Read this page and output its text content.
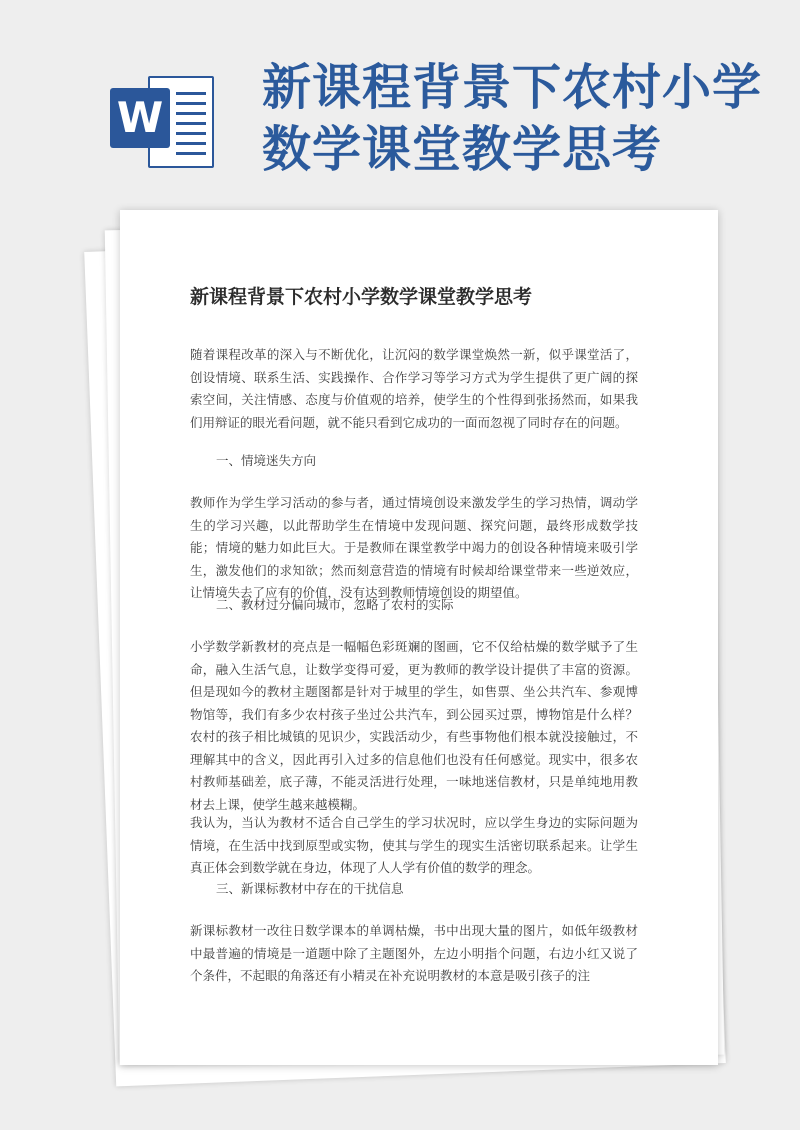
W
新课程背景下农村小学数学课堂教学思考
新课程背景下农村小学数学课堂教学思考

随着课程改革的深入与不断优化，让沉闷的数学课堂焕然一新，似乎课堂活了，创设情境、联系生活、实践操作、合作学习等学习方式为学生提供了更广阔的探索空间，关注情感、态度与价值观的培养，使学生的个性得到张扬然而，如果我们用辩证的眼光看问题，就不能只看到它成功的一面而忽视了同时存在的问题。

一、情境迷失方向

教师作为学生学习活动的参与者，通过情境创设来激发学生的学习热情，调动学生的学习兴趣，以此帮助学生在情境中发现问题、探究问题，最终形成数学技能；情境的魅力如此巨大。于是教师在课堂教学中竭力的创设各种情境来吸引学生，激发他们的求知欲；然而刻意营造的情境有时候却给课堂带来一些逆效应，让情境失去了应有的价值，没有达到教师情境创设的期望值。

二、教材过分偏向城市，忽略了农村的实际

小学数学新教材的亮点是一幅幅色彩斑斓的图画，它不仅给枯燥的数学赋予了生命，融入生活气息，让数学变得可爱，更为教师的教学设计提供了丰富的资源。但是现如今的教材主题图都是针对于城里的学生，如售票、坐公共汽车、参观博物馆等，我们有多少农村孩子坐过公共汽车，到公园买过票，博物馆是什么样？农村的孩子相比城镇的见识少，实践活动少，有些事物他们根本就没接触过，不理解其中的含义，因此再引入过多的信息他们也没有任何感觉。现实中，很多农村教师基础差，底子薄，不能灵活进行处理，一味地迷信教材，只是单纯地用教材去上课，使学生越来越模糊。

我认为，当认为教材不适合自己学生的学习状况时，应以学生身边的实际问题为情境，在生活中找到原型或实物，使其与学生的现实生活密切联系起来。让学生真正体会到数学就在身边，体现了人人学有价值的数学的理念。

三、新课标教材中存在的干扰信息

新课标教材一改往日数学课本的单调枯燥，书中出现大量的图片，如低年级教材中最普遍的情境是一道题中除了主题图外，左边小明指个问题，右边小红又说了个条件，不起眼的角落还有小精灵在补充说明教材的本意是吸引孩子的注
